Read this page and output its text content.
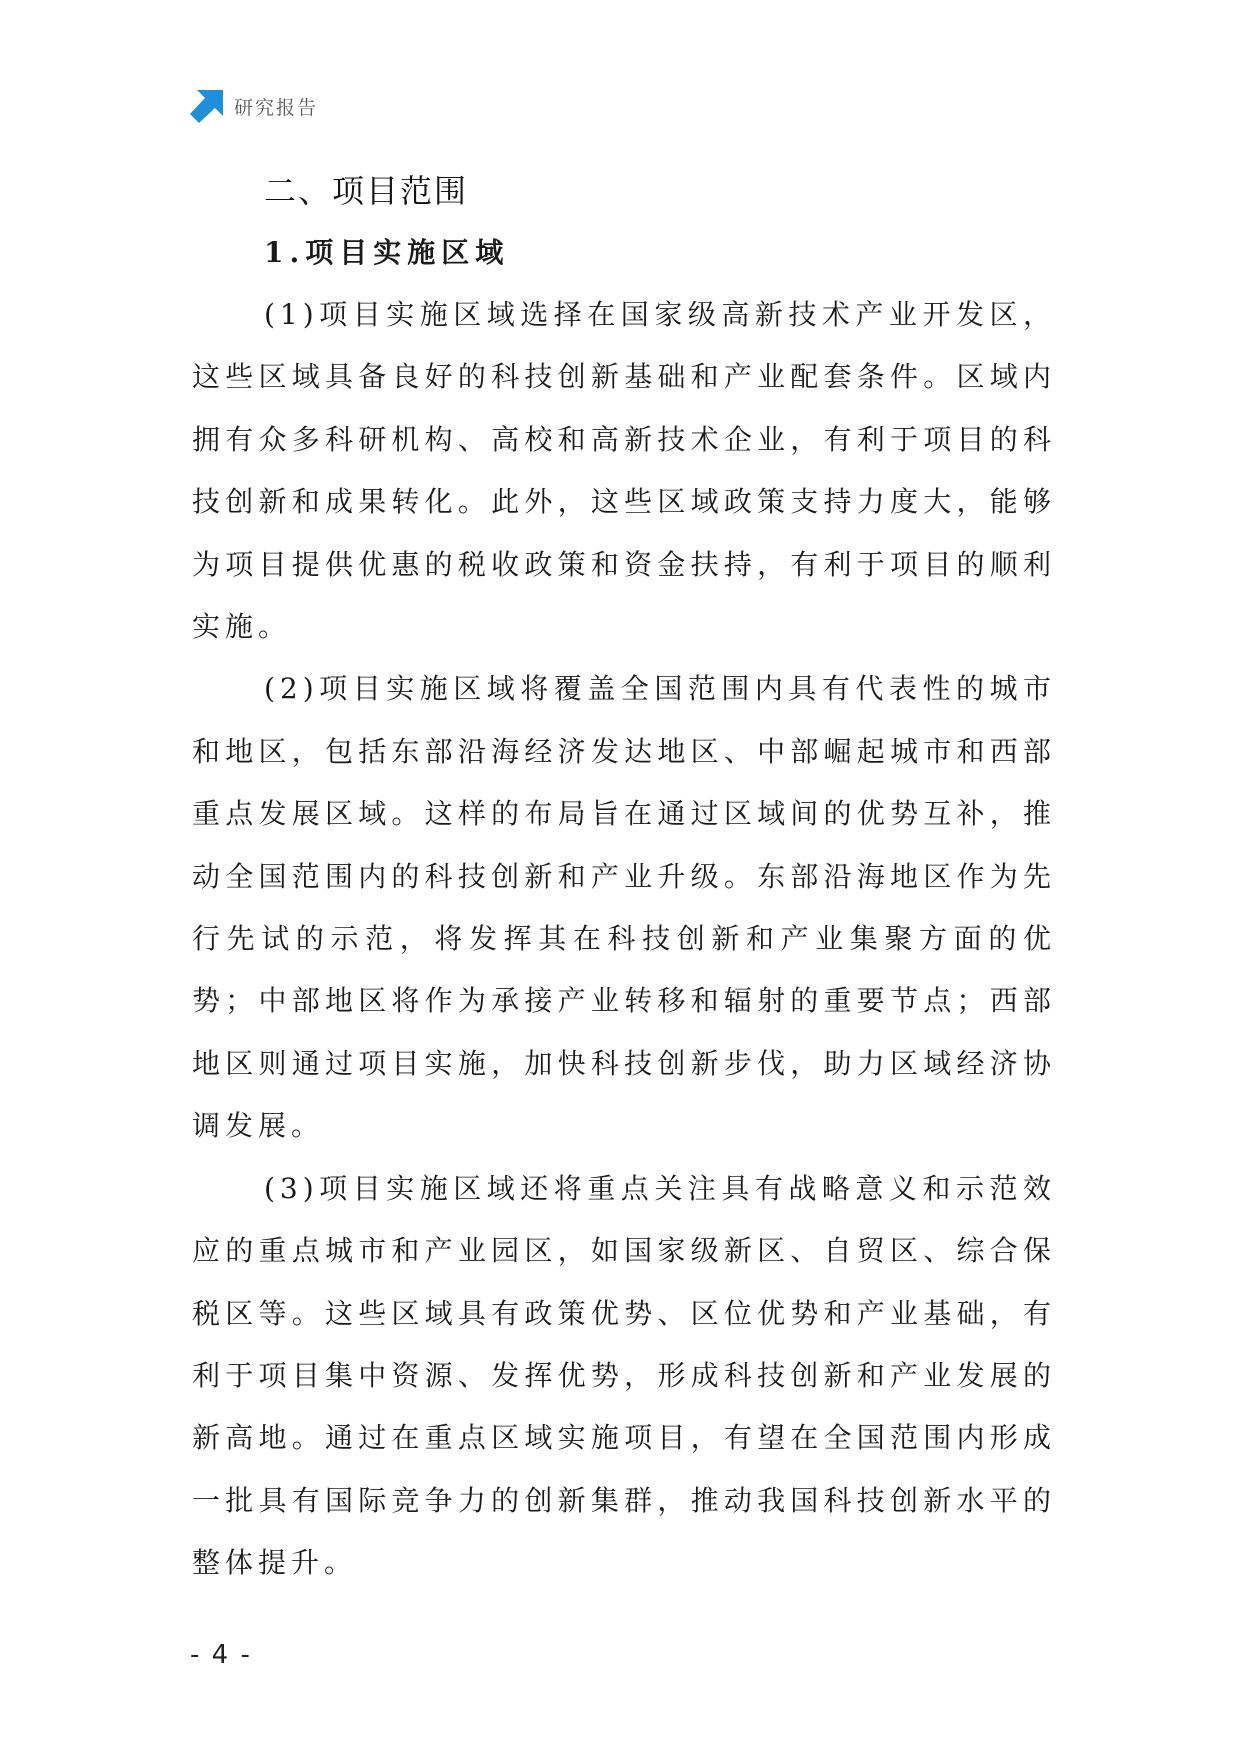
研究报告
二、项目范围
1.项目实施区域

(1)项目实施区域选择在国家级高新技术产业开发区，这些区域具备良好的科技创新基础和产业配套条件。区域内拥有众多科研机构、高校和高新技术企业，有利于项目的科技创新和成果转化。此外，这些区域政策支持力度大，能够为项目提供优惠的税收政策和资金扶持，有利于项目的顺利实施。

(2)项目实施区域将覆盖全国范围内具有代表性的城市和地区，包括东部沿海经济发达地区、中部崛起城市和西部重点发展区域。这样的布局旨在通过区域间的优势互补，推动全国范围内的科技创新和产业升级。东部沿海地区作为先行先试的示范，将发挥其在科技创新和产业集聚方面的优势；中部地区将作为承接产业转移和辐射的重要节点；西部地区则通过项目实施，加快科技创新步伐，助力区域经济协调发展。

(3)项目实施区域还将重点关注具有战略意义和示范效应的重点城市和产业园区，如国家级新区、自贸区、综合保税区等。这些区域具有政策优势、区位优势和产业基础，有利于项目集中资源、发挥优势，形成科技创新和产业发展的新高地。通过在重点区域实施项目，有望在全国范围内形成一批具有国际竞争力的创新集群，推动我国科技创新水平的整体提升。

- 4 -
